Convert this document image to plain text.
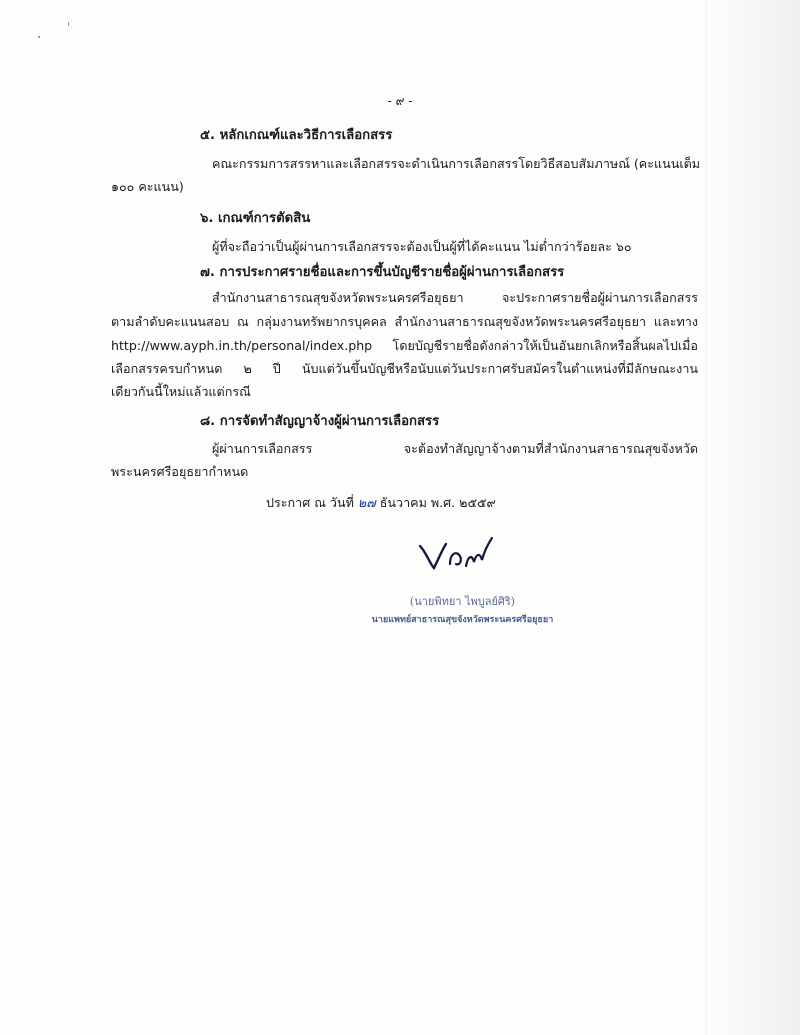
- ๙ -
๕. หลักเกณฑ์และวิธีการเลือกสรร
คณะกรรมการสรรหาและเลือกสรรจะดำเนินการเลือกสรรโดยวิธีสอบสัมภาษณ์ (คะแนนเต็ม
๑๐๐ คะแนน)
๖. เกณฑ์การตัดสิน
ผู้ที่จะถือว่าเป็นผู้ผ่านการเลือกสรรจะต้องเป็นผู้ที่ได้คะแนน ไม่ต่ำกว่าร้อยละ ๖๐
๗. การประกาศรายชื่อและการขึ้นบัญชีรายชื่อผู้ผ่านการเลือกสรร
สำนักงานสาธารณสุขจังหวัดพระนครศรีอยุธยา จะประกาศรายชื่อผู้ผ่านการเลือกสรร
ตามลำดับคะแนนสอบ ณ กลุ่มงานทรัพยากรบุคคล สำนักงานสาธารณสุขจังหวัดพระนครศรีอยุธยา และทาง
http://www.ayph.in.th/personal/index.php โดยบัญชีรายชื่อดังกล่าวให้เป็นอันยกเลิกหรือสิ้นผลไปเมื่อ
เลือกสรรครบกำหนด ๒ ปี นับแต่วันขึ้นบัญชีหรือนับแต่วันประกาศรับสมัครในตำแหน่งที่มีลักษณะงาน
เดียวกันนี้ใหม่แล้วแต่กรณี
๘. การจัดทำสัญญาจ้างผู้ผ่านการเลือกสรร
ผู้ผ่านการเลือกสรร จะต้องทำสัญญาจ้างตามที่สำนักงานสาธารณสุขจังหวัด
พระนครศรีอยุธยากำหนด
ประกาศ ณ วันที่ ๒๗ ธันวาคม พ.ศ. ๒๕๕๙
(นายพิทยา ไพบูลย์ศิริ)
นายแพทย์สาธารณสุขจังหวัดพระนครศรีอยุธยา
